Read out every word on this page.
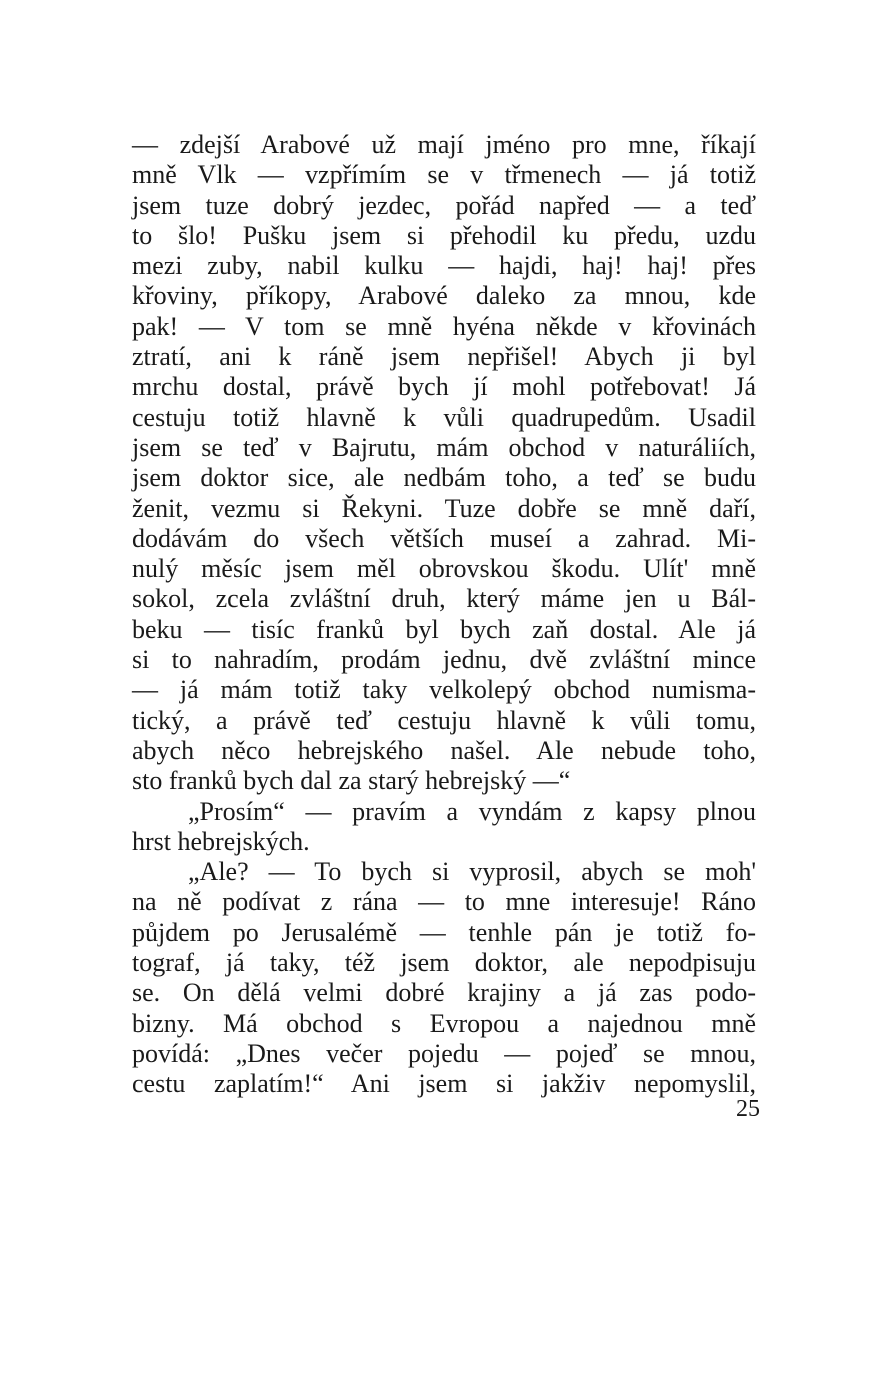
— zdejší Arabové už mají jméno pro mne, říkají
mně Vlk — vzpřímím se v třmenech — já totiž
jsem tuze dobrý jezdec, pořád napřed — a teď
to šlo! Pušku jsem si přehodil ku předu, uzdu
mezi zuby, nabil kulku — hajdi, haj! haj! přes
křoviny, příkopy, Arabové daleko za mnou, kde
pak! — V tom se mně hyéna někde v křovinách
ztratí, ani k ráně jsem nepřišel! Abych ji byl
mrchu dostal, právě bych jí mohl potřebovat! Já
cestuju totiž hlavně k vůli quadrupedům. Usadil
jsem se teď v Bajrutu, mám obchod v naturáliích,
jsem doktor sice, ale nedbám toho, a teď se budu
ženit, vezmu si Řekyni. Tuze dobře se mně daří,
dodávám do všech větších museí a zahrad. Mi-
nulý měsíc jsem měl obrovskou škodu. Ulít' mně
sokol, zcela zvláštní druh, který máme jen u Bál-
beku — tisíc franků byl bych zaň dostal. Ale já
si to nahradím, prodám jednu, dvě zvláštní mince
— já mám totiž taky velkolepý obchod numisma-
tický, a právě teď cestuju hlavně k vůli tomu,
abych něco hebrejského našel. Ale nebude toho,
sto franků bych dal za starý hebrejský —“
„Prosím“ — pravím a vyndám z kapsy plnou
hrst hebrejských.
„Ale? — To bych si vyprosil, abych se moh'
na ně podívat z rána — to mne interesuje! Ráno
půjdem po Jerusalémě — tenhle pán je totiž fo-
tograf, já taky, též jsem doktor, ale nepodpisuju
se. On dělá velmi dobré krajiny a já zas podo-
bizny. Má obchod s Evropou a najednou mně
povídá: „Dnes večer pojedu — pojeď se mnou,
cestu zaplatím!“ Ani jsem si jakživ nepomyslil,
25
